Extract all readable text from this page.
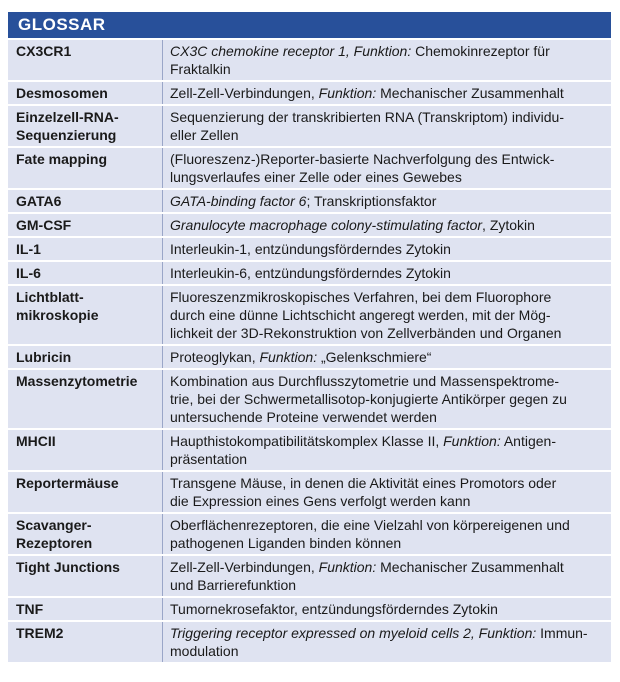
GLOSSAR
CX3CR1	CX3C chemokine receptor 1, Funktion: Chemokinrezeptor für
Fraktalkin

Desmosomen	Zell-Zell-Verbindungen, Funktion: Mechanischer Zusammenhalt

Einzelzell-RNA-
Sequenzierung	Sequenzierung der transkribierten RNA (Transkriptom) individu-
eller Zellen

Fate mapping	(Fluoreszenz-)Reporter-basierte Nachverfolgung des Entwick-
lungsverlaufes einer Zelle oder eines Gewebes

GATA6	GATA-binding factor 6; Transkriptionsfaktor

GM-CSF	Granulocyte macrophage colony-stimulating factor, Zytokin

IL-1	Interleukin-1, entzündungsförderndes Zytokin

IL-6	Interleukin-6, entzündungsförderndes Zytokin

Lichtblatt-
mikroskopie	Fluoreszenzmikroskopisches Verfahren, bei dem Fluorophore
durch eine dünne Lichtschicht angeregt werden, mit der Mög-
lichkeit der 3D-Rekonstruktion von Zellverbänden und Organen

Lubricin	Proteoglykan, Funktion: „Gelenkschmiere“

Massenzytometrie	Kombination aus Durchflusszytometrie und Massenspektrome-
trie, bei der Schwermetallisotop-konjugierte Antikörper gegen zu
untersuchende Proteine verwendet werden

MHCII	Haupthistokompatibilitätskomplex Klasse II, Funktion: Antigen-
präsentation

Reportermäuse	Transgene Mäuse, in denen die Aktivität eines Promotors oder
die Expression eines Gens verfolgt werden kann

Scavanger-
Rezeptoren	Oberflächenrezeptoren, die eine Vielzahl von körpereigenen und
pathogenen Liganden binden können

Tight Junctions	Zell-Zell-Verbindungen, Funktion: Mechanischer Zusammenhalt
und Barrierefunktion

TNF	Tumornekrosefaktor, entzündungsförderndes Zytokin

TREM2	Triggering receptor expressed on myeloid cells 2, Funktion: Immun-
modulation
